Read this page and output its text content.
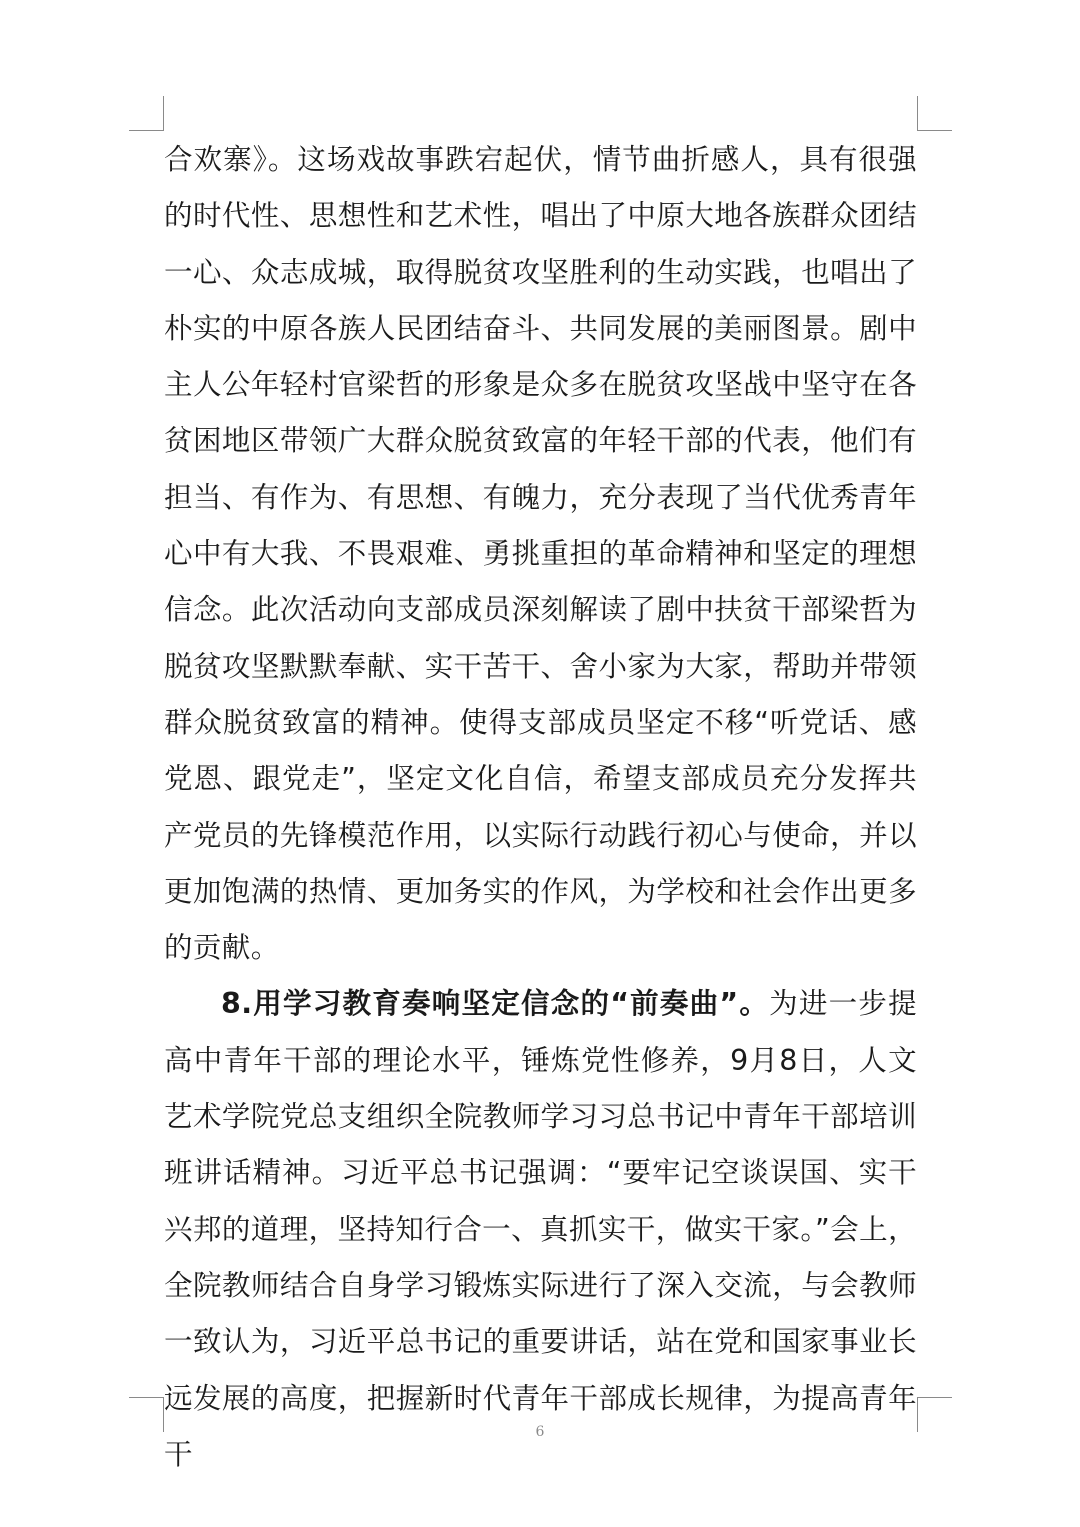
合欢寨》。这场戏故事跌宕起伏，情节曲折感人，具有很强的时代性、思想性和艺术性，唱出了中原大地各族群众团结一心、众志成城，取得脱贫攻坚胜利的生动实践，也唱出了朴实的中原各族人民团结奋斗、共同发展的美丽图景。剧中主人公年轻村官梁哲的形象是众多在脱贫攻坚战中坚守在各贫困地区带领广大群众脱贫致富的年轻干部的代表，他们有担当、有作为、有思想、有魄力，充分表现了当代优秀青年心中有大我、不畏艰难、勇挑重担的革命精神和坚定的理想信念。此次活动向支部成员深刻解读了剧中扶贫干部梁哲为脱贫攻坚默默奉献、实干苦干、舍小家为大家，帮助并带领群众脱贫致富的精神。使得支部成员坚定不移“听党话、感党恩、跟党走”，坚定文化自信，希望支部成员充分发挥共产党员的先锋模范作用，以实际行动践行初心与使命，并以更加饱满的热情、更加务实的作风，为学校和社会作出更多的贡献。

8.用学习教育奏响坚定信念的“前奏曲”。为进一步提高中青年干部的理论水平，锤炼党性修养，9月8日，人文艺术学院党总支组织全院教师学习习总书记中青年干部培训班讲话精神。习近平总书记强调：“要牢记空谈误国、实干兴邦的道理，坚持知行合一、真抓实干，做实干家。”会上，全院教师结合自身学习锻炼实际进行了深入交流，与会教师一致认为，习近平总书记的重要讲话，站在党和国家事业长远发展的高度，把握新时代青年干部成长规律，为提高青年干

6
